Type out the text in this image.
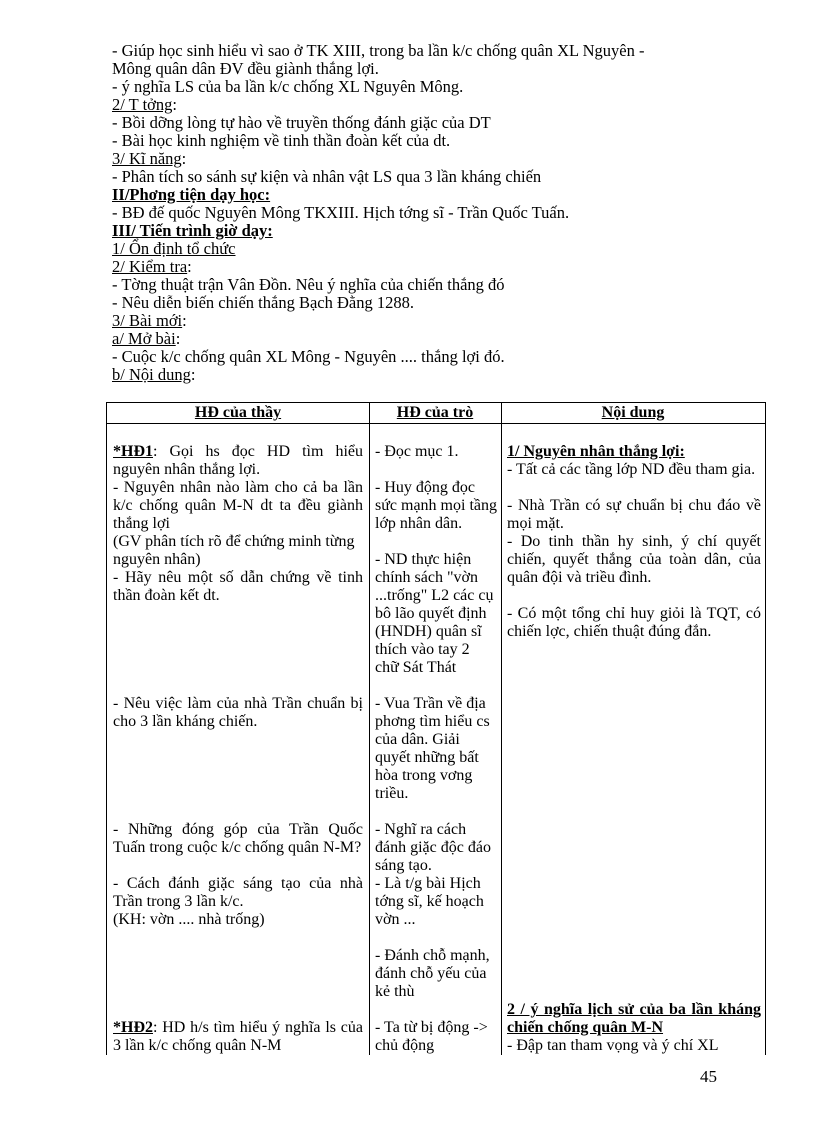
- Giúp học sinh hiểu vì sao ở TK XIII, trong ba lần k/c chống quân XL Nguyên -
Mông quân dân ĐV đều giành thắng lợi.
- ý nghĩa LS của ba lần k/c chống XL Nguyên Mông.
2/ T tởng:
- Bồi dỡng lòng tự hào về truyền thống đánh giặc của DT
- Bài học kinh nghiệm về tinh thần đoàn kết của dt.
3/ Kĩ năng:
- Phân tích so sánh sự kiện và nhân vật LS qua 3 lần kháng chiến
II/Phơng tiện dạy học:
- BĐ đế quốc Nguyên Mông TKXIII. Hịch tớng sĩ - Trần Quốc Tuấn.
III/ Tiến trình giờ dạy:
1/ Ổn định tổ chức
2/ Kiểm tra:
- Tờng thuật trận Vân Đồn. Nêu ý nghĩa của chiến thắng đó
- Nêu diễn biến chiến thắng Bạch Đằng 1288.
3/ Bài mới:
a/ Mở bài:
- Cuộc k/c chống quân XL Mông - Nguyên .... thắng lợi đó.
b/ Nội dung:
HĐ của thầy	HĐ của trò	Nội dung
*HĐ1: Gọi hs đọc HD tìm hiểu nguyên nhân thắng lợi.
- Nguyên nhân nào làm cho cả ba lần k/c chống quân M-N dt ta đều giành thắng lợi
(GV phân tích rõ để chứng minh từng nguyên nhân)
- Hãy nêu một số dẫn chứng về tinh thần đoàn kết dt.
- Nêu việc làm của nhà Trần chuẩn bị cho 3 lần kháng chiến.
- Những đóng góp của Trần Quốc Tuấn trong cuộc k/c chống quân N-M?
- Cách đánh giặc sáng tạo của nhà Trần trong 3 lần k/c.
(KH: vờn .... nhà trống)
*HĐ2: HD h/s tìm hiểu ý nghĩa ls của 3 lần k/c chống quân N-M
- Đọc mục 1.
- Huy động đọc sức mạnh mọi tầng lớp nhân dân.
- ND thực hiện chính sách "vờn ...trống" L2 các cụ bô lão quyết định (HNDH) quân sĩ thích vào tay 2 chữ Sát Thát
- Vua Trần về địa phơng tìm hiểu cs của dân. Giải quyết những bất hòa trong vơng triều.
- Nghĩ ra cách đánh giặc độc đáo sáng tạo.
- Là t/g bài Hịch tớng sĩ, kế hoạch vờn ...
- Đánh chỗ mạnh, đánh chỗ yếu của kẻ thù
- Ta từ bị động -> chủ động
1/ Nguyên nhân thắng lợi:
- Tất cả các tầng lớp ND đều tham gia.
- Nhà Trần có sự chuẩn bị chu đáo về mọi mặt.
- Do tinh thần hy sinh, ý chí quyết chiến, quyết thắng của toàn dân, của quân đội và triều đình.
- Có một tổng chỉ huy giỏi là TQT, có chiến lợc, chiến thuật đúng đắn.
2 / ý nghĩa lịch sử của ba lần kháng chiến chống quân M-N
- Đập tan tham vọng và ý chí XL
45
